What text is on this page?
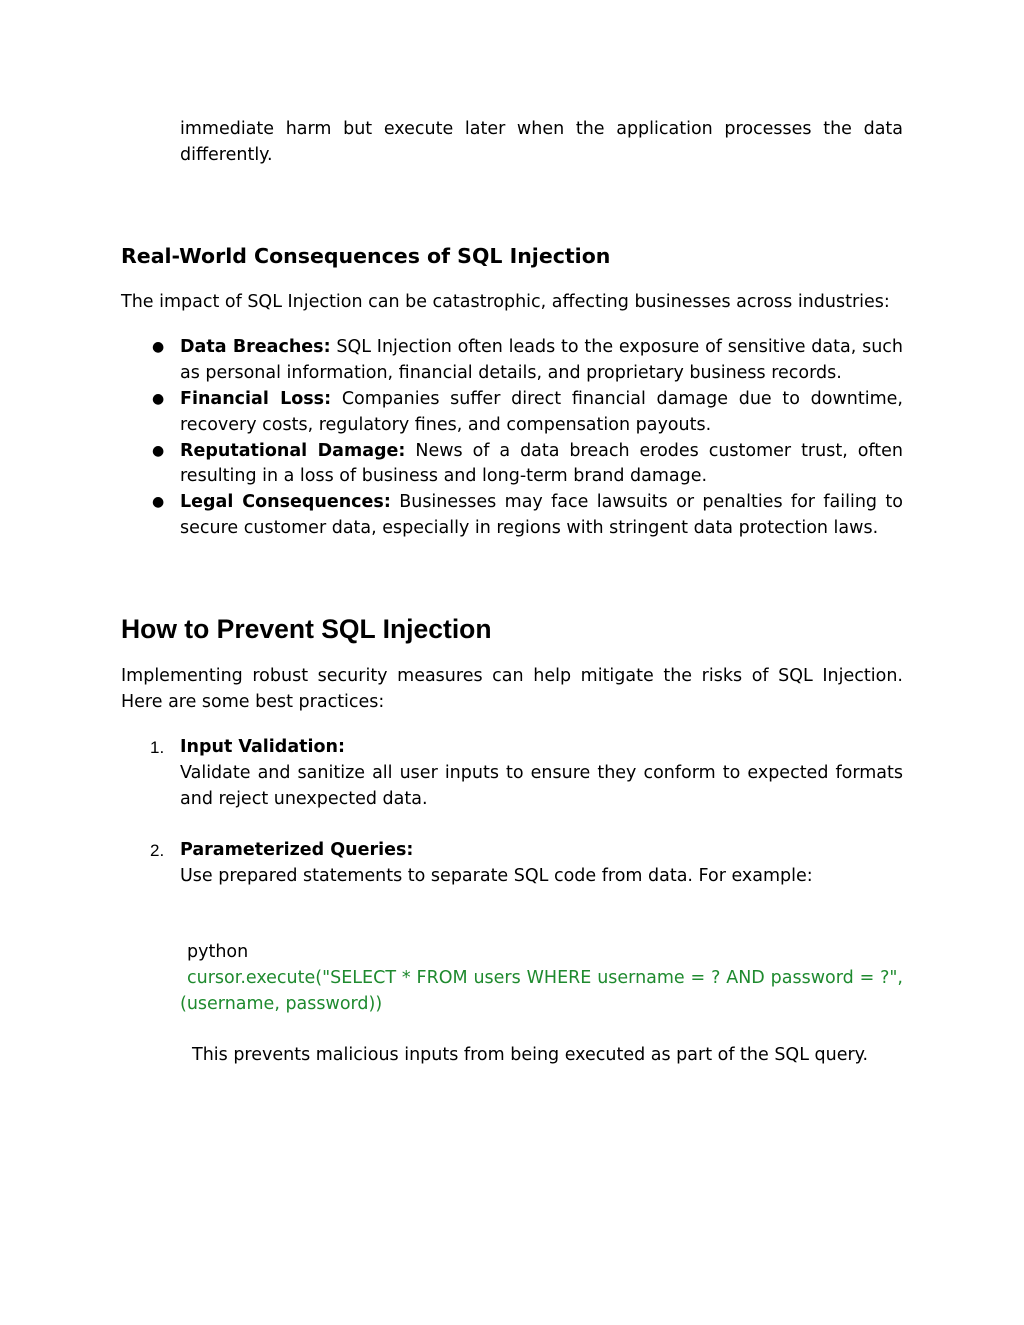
immediate harm but execute later when the application processes the data differently.

Real-World Consequences of SQL Injection

The impact of SQL Injection can be catastrophic, affecting businesses across industries:

● Data Breaches: SQL Injection often leads to the exposure of sensitive data, such as personal information, financial details, and proprietary business records.
● Financial Loss: Companies suffer direct financial damage due to downtime, recovery costs, regulatory fines, and compensation payouts.
● Reputational Damage: News of a data breach erodes customer trust, often resulting in a loss of business and long-term brand damage.
● Legal Consequences: Businesses may face lawsuits or penalties for failing to secure customer data, especially in regions with stringent data protection laws.
How to Prevent SQL Injection

Implementing robust security measures can help mitigate the risks of SQL Injection. Here are some best practices:

1. Input Validation:
Validate and sanitize all user inputs to ensure they conform to expected formats and reject unexpected data.
2. Parameterized Queries:
Use prepared statements to separate SQL code from data. For example:

python

cursor.execute("SELECT * FROM users WHERE username = ? AND password = ?", (username, password))

This prevents malicious inputs from being executed as part of the SQL query.
